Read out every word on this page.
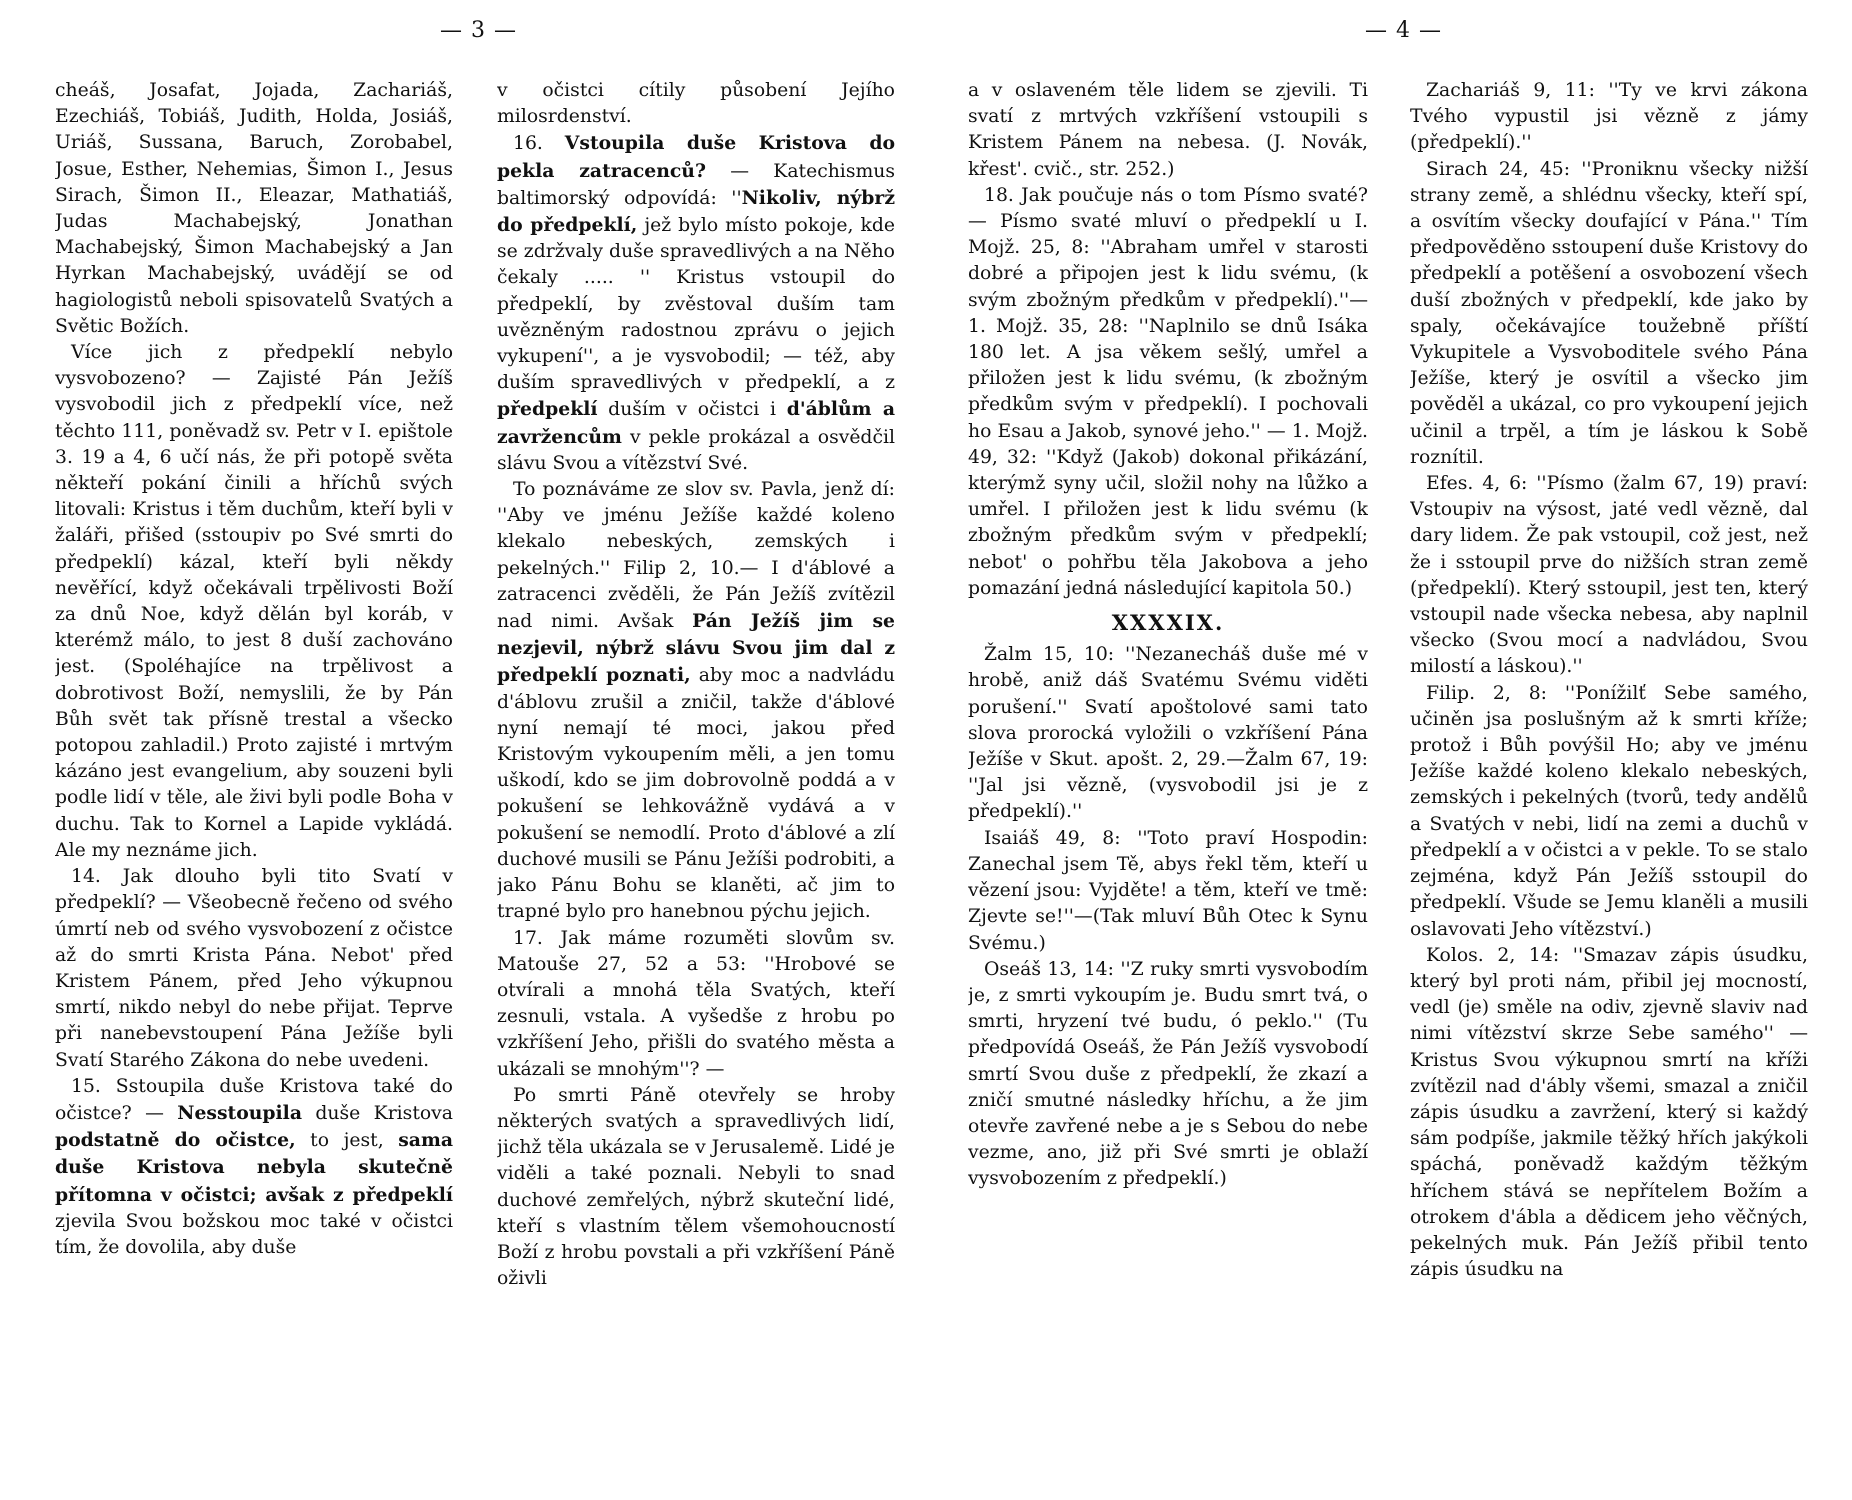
— 3 —	— 4 —

cheáš, Josafat, Jojada, Zachariáš, Ezechiáš, Tobiáš, Judith, Holda, Josiáš, Uriáš, Sussana, Baruch, Zorobabel, Josue, Esther, Nehemias, Šimon I., Jesus Sirach, Šimon II., Eleazar, Mathatiáš, Judas Machabejský, Jonathan Machabejský, Šimon Machabejský a Jan Hyrkan Machabejský, uvádějí se od hagiologistů neboli spisovatelů Svatých a Světic Božích.

Více jich z předpeklí nebylo vysvobozeno? — Zajisté Pán Ježíš vysvobodil jich z předpeklí více, než těchto 111, poněvadž sv. Petr v I. epištole 3. 19 a 4, 6 učí nás, že při potopě světa někteří pokání činili a hříchů svých litovali: Kristus i těm duchům, kteří byli v žaláři, přišed (sstoupiv po Své smrti do předpeklí) kázal, kteří byli někdy nevěřící, když očekávali trpělivosti Boží za dnů Noe, když dělán byl koráb, v kterémž málo, to jest 8 duší zachováno jest. (Spoléhajíce na trpělivost a dobrotivost Boží, nemyslili, že by Pán Bůh svět tak přísně trestal a všecko potopou zahladil.) Proto zajisté i mrtvým kázáno jest evangelium, aby souzeni byli podle lidí v těle, ale živi byli podle Boha v duchu. Tak to Kornel a Lapide vykládá. Ale my neznáme jich.

14. Jak dlouho byli tito Svatí v předpeklí? — Všeobecně řečeno od svého úmrtí neb od svého vysvobození z očistce až do smrti Krista Pána. Nebot' před Kristem Pánem, před Jeho výkupnou smrtí, nikdo nebyl do nebe přijat. Teprve při nanebevstoupení Pána Ježíše byli Svatí Starého Zákona do nebe uvedeni.

15. Sstoupila duše Kristova také do očistce? — Nesstoupila duše Kristova podstatně do očistce, to jest, sama duše Kristova nebyla skutečně přítomna v očistci; avšak z předpeklí zjevila Svou božskou moc také v očistci tím, že dovolila, aby duše

v očistci cítily působení Jejího milosrdenství.

16. Vstoupila duše Kristova do pekla zatracenců? — Katechismus baltimorský odpovídá: ''Nikoliv, nýbrž do předpeklí, jež bylo místo pokoje, kde se zdržvaly duše spravedlivých a na Něho čekaly ..... '' Kristus vstoupil do předpeklí, by zvěstoval duším tam uvězněným radostnou zprávu o jejich vykupení'', a je vysvobodil; — též, aby duším spravedlivých v předpeklí, a z předpeklí duším v očistci i d'áblům a zavržencům v pekle prokázal a osvědčil slávu Svou a vítězství Své.

To poznáváme ze slov sv. Pavla, jenž dí: ''Aby ve jménu Ježíše každé koleno klekalo nebeských, zemských i pekelných.'' Filip 2, 10.— I d'áblové a zatracenci zvěděli, že Pán Ježíš zvítězil nad nimi. Avšak Pán Ježíš jim se nezjevil, nýbrž slávu Svou jim dal z předpeklí poznati, aby moc a nadvládu d'áblovu zrušil a zničil, takže d'áblové nyní nemají té moci, jakou před Kristovým vykoupením měli, a jen tomu uškodí, kdo se jim dobrovolně poddá a v pokušení se lehkovážně vydává a v pokušení se nemodlí. Proto d'áblové a zlí duchové musili se Pánu Ježíši podrobiti, a jako Pánu Bohu se klaněti, ač jim to trapné bylo pro hanebnou pýchu jejich.

17. Jak máme rozuměti slovům sv. Matouše 27, 52 a 53: ''Hrobové se otvírali a mnohá těla Svatých, kteří zesnuli, vstala. A vyšedše z hrobu po vzkříšení Jeho, přišli do svatého města a ukázali se mnohým''? —

Po smrti Páně otevřely se hroby některých svatých a spravedlivých lidí, jichž těla ukázala se v Jerusalemě. Lidé je viděli a také poznali. Nebyli to snad duchové zemřelých, nýbrž skuteční lidé, kteří s vlastním tělem všemohoucností Boží z hrobu povstali a při vzkříšení Páně oživli

a v oslaveném těle lidem se zjevili. Ti svatí z mrtvých vzkříšení vstoupili s Kristem Pánem na nebesa. (J. Novák, křest'. cvič., str. 252.)

18. Jak poučuje nás o tom Písmo svaté? — Písmo svaté mluví o předpeklí u I. Mojž. 25, 8: ''Abraham umřel v starosti dobré a připojen jest k lidu svému, (k svým zbožným předkům v předpeklí).''—1. Mojž. 35, 28: ''Naplnilo se dnů Isáka 180 let. A jsa věkem sešlý, umřel a přiložen jest k lidu svému, (k zbožným předkům svým v předpeklí). I pochovali ho Esau a Jakob, synové jeho.'' — 1. Mojž. 49, 32: ''Když (Jakob) dokonal přikázání, kterýmž syny učil, složil nohy na lůžko a umřel. I přiložen jest k lidu svému (k zbožným předkům svým v předpeklí; nebot' o pohřbu těla Jakobova a jeho pomazání jedná následující kapitola 50.)

XXXXIX.

Žalm 15, 10: ''Nezanecháš duše mé v hrobě, aniž dáš Svatému Svému viděti porušení.'' Svatí apoštolové sami tato slova prorocká vyložili o vzkříšení Pána Ježíše v Skut. apošt. 2, 29.—Žalm 67, 19: ''Jal jsi vězně, (vysvobodil jsi je z předpeklí).''

Isaiáš 49, 8: ''Toto praví Hospodin: Zanechal jsem Tě, abys řekl těm, kteří u vězení jsou: Vyjděte! a těm, kteří ve tmě: Zjevte se!''—(Tak mluví Bůh Otec k Synu Svému.)

Oseáš 13, 14: ''Z ruky smrti vysvobodím je, z smrti vykoupím je. Budu smrt tvá, o smrti, hryzení tvé budu, ó peklo.'' (Tu předpovídá Oseáš, že Pán Ježíš vysvobodí smrtí Svou duše z předpeklí, že zkazí a zničí smutné následky hříchu, a že jim otevře zavřené nebe a je s Sebou do nebe vezme, ano, již při Své smrti je oblaží vysvobozením z předpeklí.)

Zachariáš 9, 11: ''Ty ve krvi zákona Tvého vypustil jsi vězně z jámy (předpeklí).''

Sirach 24, 45: ''Proniknu všecky nižší strany země, a shlédnu všecky, kteří spí, a osvítím všecky doufající v Pána.'' Tím předpověděno sstoupení duše Kristovy do předpeklí a potěšení a osvobození všech duší zbožných v předpeklí, kde jako by spaly, očekávajíce toužebně příští Vykupitele a Vysvoboditele svého Pána Ježíše, který je osvítil a všecko jim pověděl a ukázal, co pro vykoupení jejich učinil a trpěl, a tím je láskou k Sobě roznítil.

Efes. 4, 6: ''Písmo (žalm 67, 19) praví: Vstoupiv na výsost, jaté vedl vězně, dal dary lidem. Že pak vstoupil, což jest, než že i sstoupil prve do nižších stran země (předpeklí). Který sstoupil, jest ten, který vstoupil nade všecka nebesa, aby naplnil všecko (Svou mocí a nadvládou, Svou milostí a láskou).''

Filip. 2, 8: ''Ponížilť Sebe samého, učiněn jsa poslušným až k smrti kříže; protož i Bůh povýšil Ho; aby ve jménu Ježíše každé koleno klekalo nebeských, zemských i pekelných (tvorů, tedy andělů a Svatých v nebi, lidí na zemi a duchů v předpeklí a v očistci a v pekle. To se stalo zejména, když Pán Ježíš sstoupil do předpeklí. Všude se Jemu klaněli a musili oslavovati Jeho vítězství.)

Kolos. 2, 14: ''Smazav zápis úsudku, který byl proti nám, přibil jej mocností, vedl (je) směle na odiv, zjevně slaviv nad nimi vítězství skrze Sebe samého'' — Kristus Svou výkupnou smrtí na kříži zvítězil nad d'ábly všemi, smazal a zničil zápis úsudku a zavržení, který si každý sám podpíše, jakmile těžký hřích jakýkoli spáchá, poněvadž každým těžkým hříchem stává se nepřítelem Božím a otrokem d'ábla a dědicem jeho věčných, pekelných muk. Pán Ježíš přibil tento zápis úsudku na
